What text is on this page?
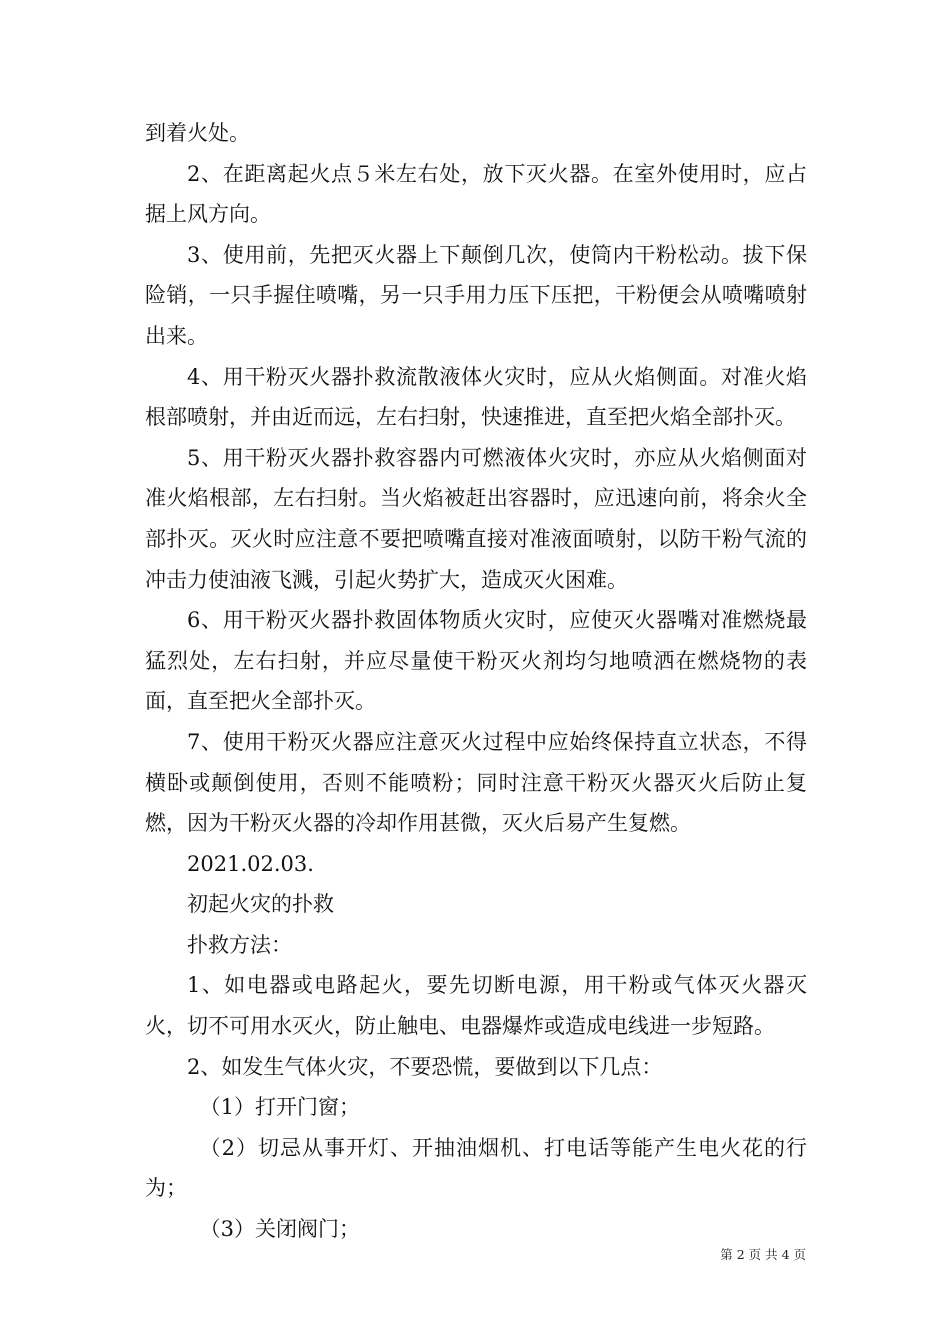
到着火处。

2、在距离起火点５米左右处，放下灭火器。在室外使用时，应占据上风方向。

3、使用前，先把灭火器上下颠倒几次，使筒内干粉松动。拔下保险销，一只手握住喷嘴，另一只手用力压下压把，干粉便会从喷嘴喷射出来。

4、用干粉灭火器扑救流散液体火灾时，应从火焰侧面。对准火焰根部喷射，并由近而远，左右扫射，快速推进，直至把火焰全部扑灭。

5、用干粉灭火器扑救容器内可燃液体火灾时，亦应从火焰侧面对准火焰根部，左右扫射。当火焰被赶出容器时，应迅速向前，将余火全部扑灭。灭火时应注意不要把喷嘴直接对准液面喷射，以防干粉气流的冲击力使油液飞溅，引起火势扩大，造成灭火困难。

6、用干粉灭火器扑救固体物质火灾时，应使灭火器嘴对准燃烧最猛烈处，左右扫射，并应尽量使干粉灭火剂均匀地喷洒在燃烧物的表面，直至把火全部扑灭。

7、使用干粉灭火器应注意灭火过程中应始终保持直立状态，不得横卧或颠倒使用，否则不能喷粉；同时注意干粉灭火器灭火后防止复燃，因为干粉灭火器的冷却作用甚微，灭火后易产生复燃。

2021.02.03.

初起火灾的扑救

扑救方法：

1、如电器或电路起火，要先切断电源，用干粉或气体灭火器灭火，切不可用水灭火，防止触电、电器爆炸或造成电线进一步短路。

2、如发生气体火灾，不要恐慌，要做到以下几点：

（1）打开门窗；

（2）切忌从事开灯、开抽油烟机、打电话等能产生电火花的行为；

（3）关闭阀门；

第 2 页 共 4 页
